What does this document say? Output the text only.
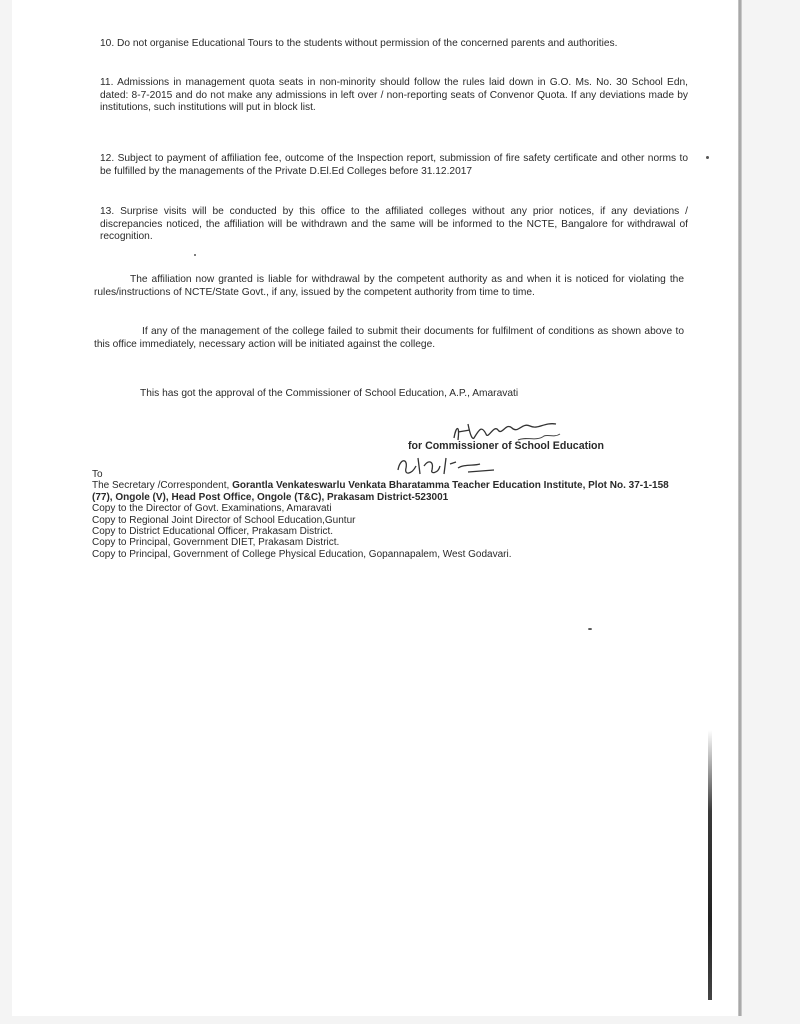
10. Do not organise Educational Tours to the students without permission of the concerned parents and authorities.
11. Admissions in management quota seats in non-minority should follow the rules laid down in G.O. Ms. No. 30 School Edn, dated: 8-7-2015 and do not make any admissions in left over / non-reporting seats of Convenor Quota. If any deviations made by institutions, such institutions will put in block list.
12. Subject to payment of affiliation fee, outcome of the Inspection report, submission of fire safety certificate and other norms to be fulfilled by the managements of the Private D.El.Ed Colleges before 31.12.2017
13. Surprise visits will be conducted by this office to the affiliated colleges without any prior notices, if any deviations / discrepancies noticed, the affiliation will be withdrawn and the same will be informed to the NCTE, Bangalore for withdrawal of recognition.
The affiliation now granted is liable for withdrawal by the competent authority as and when it is noticed for violating the rules/instructions of NCTE/State Govt., if any, issued by the competent authority from time to time.
If any of the management of the college failed to submit their documents for fulfilment of conditions as shown above to this office immediately, necessary action will be initiated against the college.
This has got the approval of the Commissioner of School Education, A.P., Amaravati
for Commissioner of School Education
To
The Secretary /Correspondent, Gorantla Venkateswarlu Venkata Bharatamma Teacher Education Institute, Plot No. 37-1-158 (77), Ongole (V), Head Post Office, Ongole (T&C), Prakasam District-523001
Copy to the Director of Govt. Examinations, Amaravati
Copy to Regional Joint Director of School Education,Guntur
Copy to District Educational Officer, Prakasam District.
Copy to Principal, Government DIET, Prakasam District.
Copy to Principal, Government of College Physical Education, Gopannapalem, West Godavari.
